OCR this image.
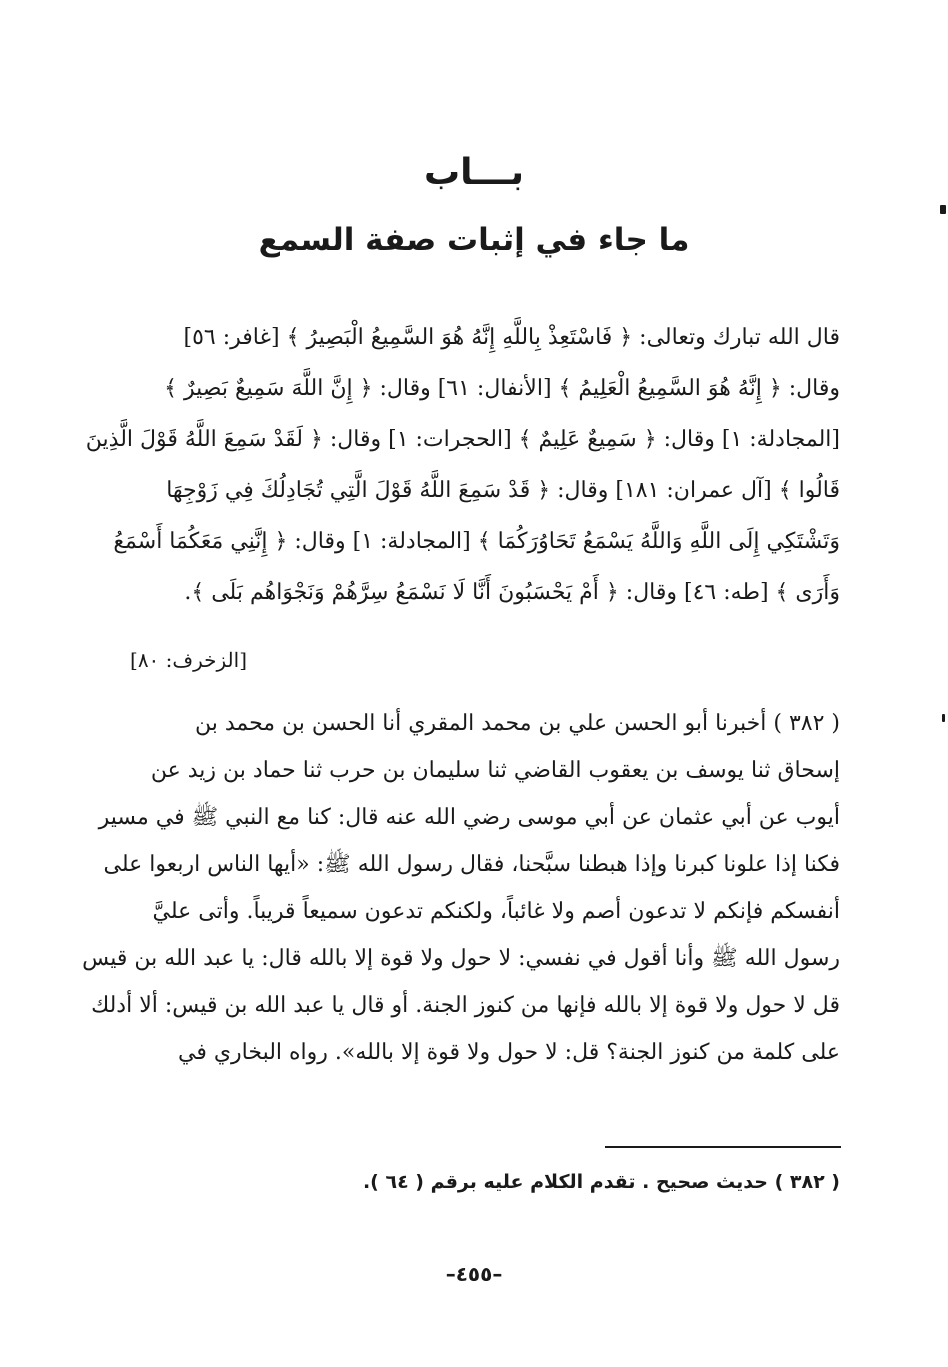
بـــاب
ما جاء في إثبات صفة السمع
قال الله تبارك وتعالى: ﴿ فَاسْتَعِذْ بِاللَّهِ إِنَّهُ هُوَ السَّمِيعُ الْبَصِيرُ ﴾ [غافر: ٥٦]
وقال: ﴿ إِنَّهُ هُوَ السَّمِيعُ الْعَلِيمُ ﴾ [الأنفال: ٦١] وقال: ﴿ إِنَّ اللَّهَ سَمِيعٌ بَصِيرٌ ﴾
[المجادلة: ١] وقال: ﴿ سَمِيعٌ عَلِيمٌ ﴾ [الحجرات: ١] وقال: ﴿ لَقَدْ سَمِعَ اللَّهُ قَوْلَ الَّذِينَ
قَالُوا ﴾ [آل عمران: ١٨١] وقال: ﴿ قَدْ سَمِعَ اللَّهُ قَوْلَ الَّتِي تُجَادِلُكَ فِي زَوْجِهَا
وَتَشْتَكِي إِلَى اللَّهِ وَاللَّهُ يَسْمَعُ تَحَاوُرَكُمَا ﴾ [المجادلة: ١] وقال: ﴿ إِنَّنِي مَعَكُمَا أَسْمَعُ
وَأَرَى ﴾ [طه: ٤٦] وقال: ﴿ أَمْ يَحْسَبُونَ أَنَّا لَا نَسْمَعُ سِرَّهُمْ وَنَجْوَاهُم بَلَى ﴾.
[الزخرف: ٨٠]
( ٣٨٢ ) أخبرنا أبو الحسن علي بن محمد المقري أنا الحسن بن محمد بن
إسحاق ثنا يوسف بن يعقوب القاضي ثنا سليمان بن حرب ثنا حماد بن زيد عن
أيوب عن أبي عثمان عن أبي موسى رضي الله عنه قال: كنا مع النبي ﷺ في مسير
فكنا إذا علونا كبرنا وإذا هبطنا سبَّحنا، فقال رسول الله ﷺ: «أيها الناس اربعوا على
أنفسكم فإنكم لا تدعون أصم ولا غائباً، ولكنكم تدعون سميعاً قريباً. وأتى عليَّ
رسول الله ﷺ وأنا أقول في نفسي: لا حول ولا قوة إلا بالله قال: يا عبد الله بن قيس
قل لا حول ولا قوة إلا بالله فإنها من كنوز الجنة. أو قال يا عبد الله بن قيس: ألا أدلك
على كلمة من كنوز الجنة؟ قل: لا حول ولا قوة إلا بالله». رواه البخاري في
( ٣٨٢ ) حديث صحيح . تقدم الكلام عليه برقم ( ٦٤ ).
–٤٥٥–
